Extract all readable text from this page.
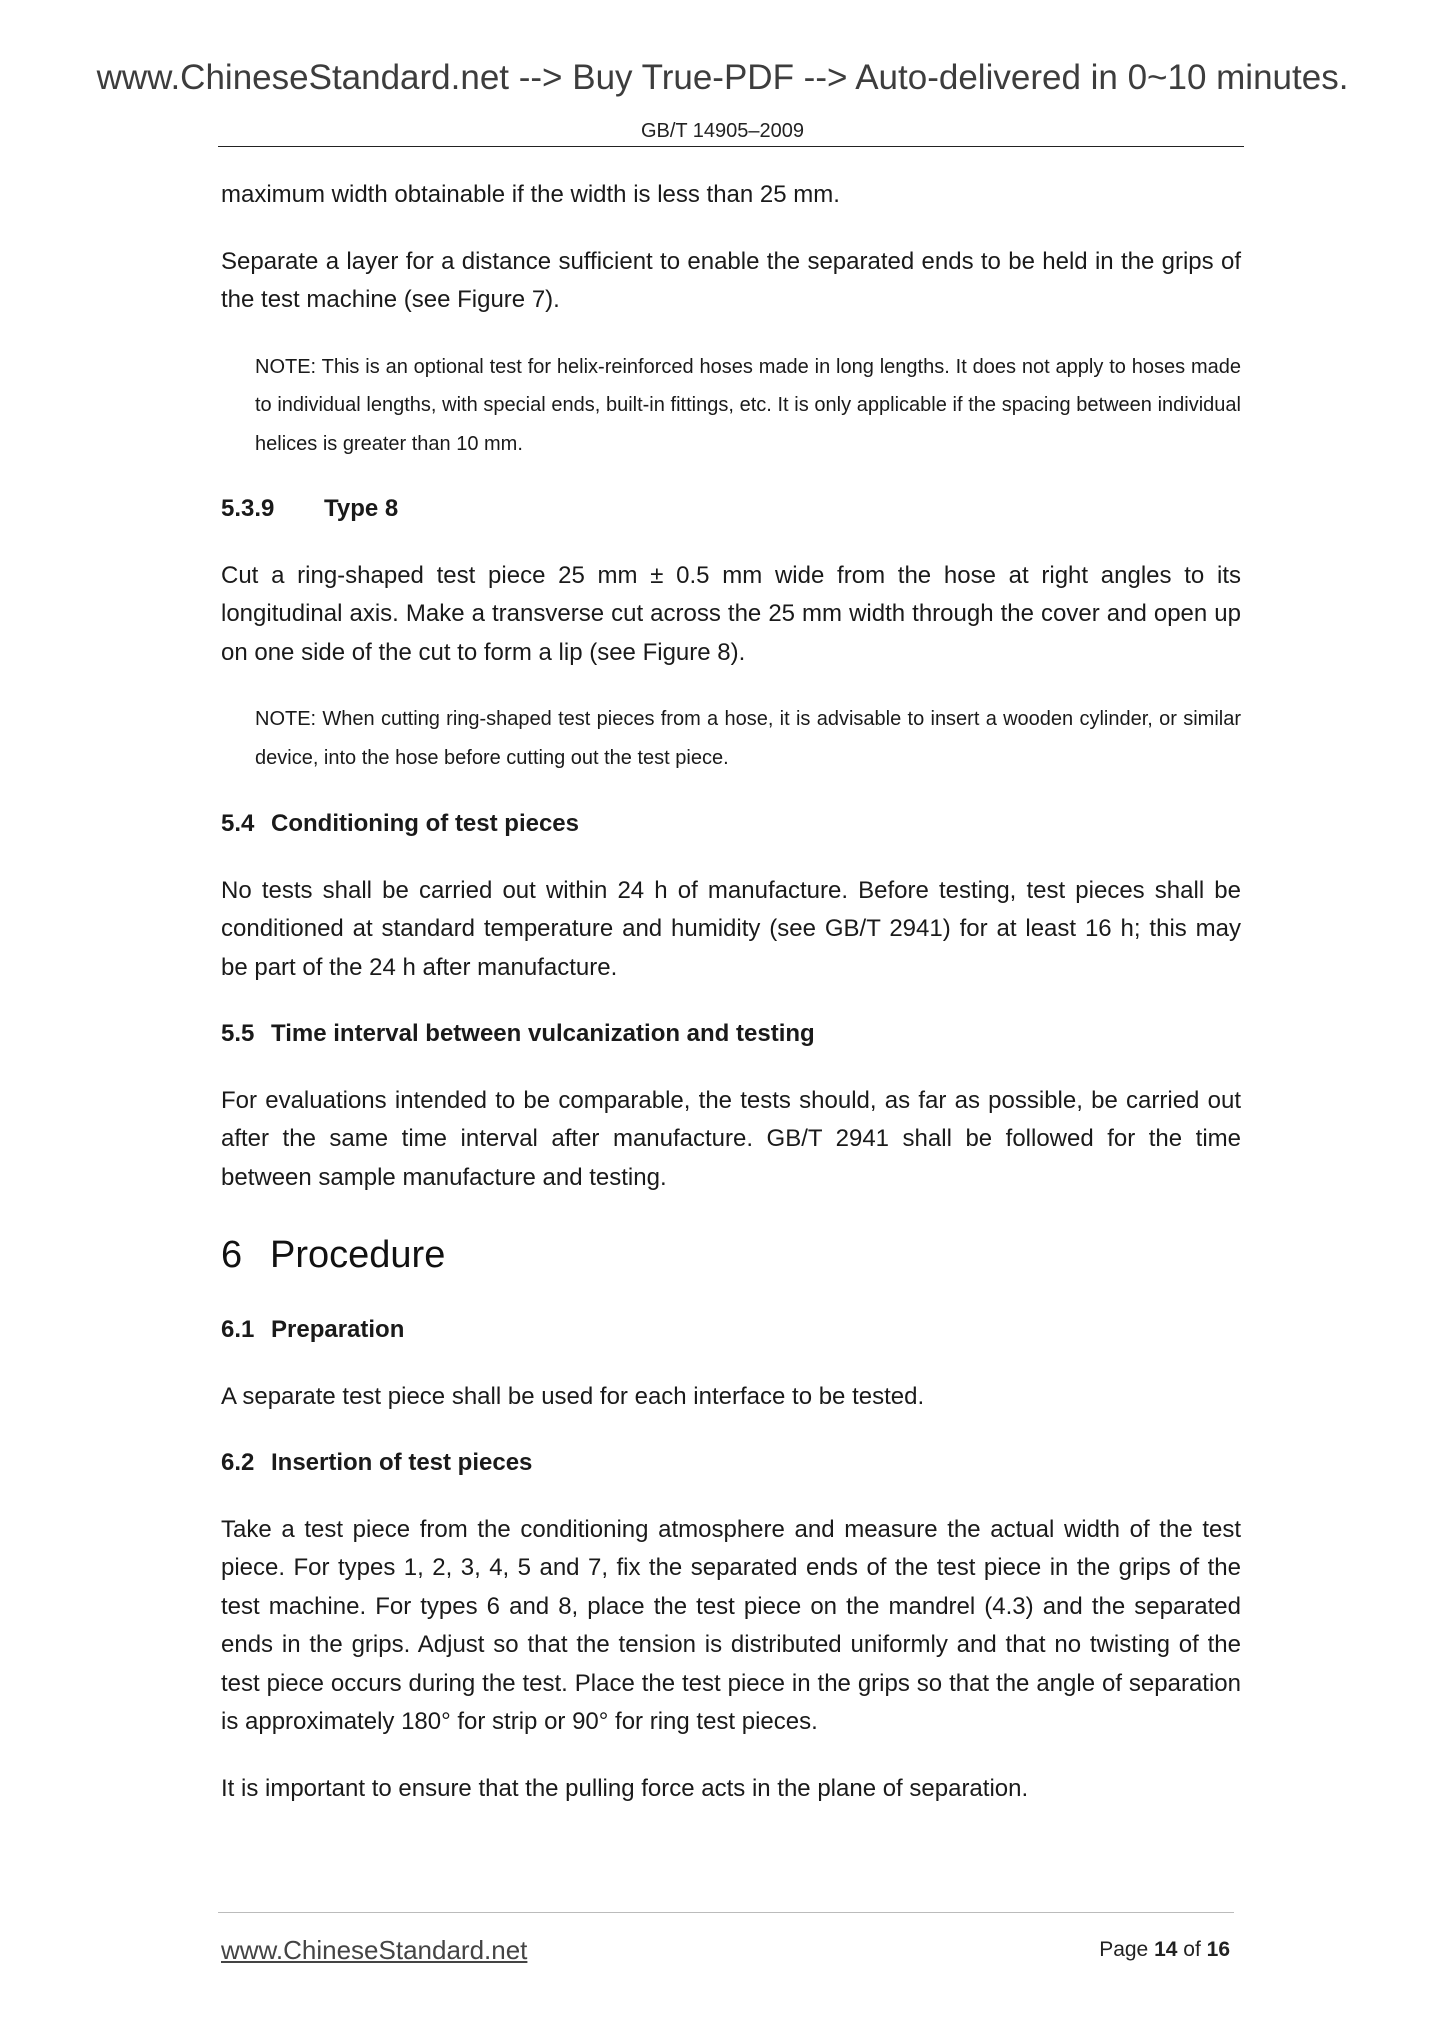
www.ChineseStandard.net --> Buy True-PDF --> Auto-delivered in 0~10 minutes.
GB/T 14905–2009

maximum width obtainable if the width is less than 25 mm.

Separate a layer for a distance sufficient to enable the separated ends to be held in the grips of the test machine (see Figure 7).

NOTE: This is an optional test for helix-reinforced hoses made in long lengths. It does not apply to hoses made to individual lengths, with special ends, built-in fittings, etc. It is only applicable if the spacing between individual helices is greater than 10 mm.

5.3.9 Type 8

Cut a ring-shaped test piece 25 mm ± 0.5 mm wide from the hose at right angles to its longitudinal axis. Make a transverse cut across the 25 mm width through the cover and open up on one side of the cut to form a lip (see Figure 8).

NOTE: When cutting ring-shaped test pieces from a hose, it is advisable to insert a wooden cylinder, or similar device, into the hose before cutting out the test piece.

5.4 Conditioning of test pieces

No tests shall be carried out within 24 h of manufacture. Before testing, test pieces shall be conditioned at standard temperature and humidity (see GB/T 2941) for at least 16 h; this may be part of the 24 h after manufacture.

5.5 Time interval between vulcanization and testing

For evaluations intended to be comparable, the tests should, as far as possible, be carried out after the same time interval after manufacture. GB/T 2941 shall be followed for the time between sample manufacture and testing.

6 Procedure
6.1 Preparation

A separate test piece shall be used for each interface to be tested.

6.2 Insertion of test pieces

Take a test piece from the conditioning atmosphere and measure the actual width of the test piece. For types 1, 2, 3, 4, 5 and 7, fix the separated ends of the test piece in the grips of the test machine. For types 6 and 8, place the test piece on the mandrel (4.3) and the separated ends in the grips. Adjust so that the tension is distributed uniformly and that no twisting of the test piece occurs during the test. Place the test piece in the grips so that the angle of separation is approximately 180° for strip or 90° for ring test pieces.

It is important to ensure that the pulling force acts in the plane of separation.

www.ChineseStandard.net	Page 14 of 16
